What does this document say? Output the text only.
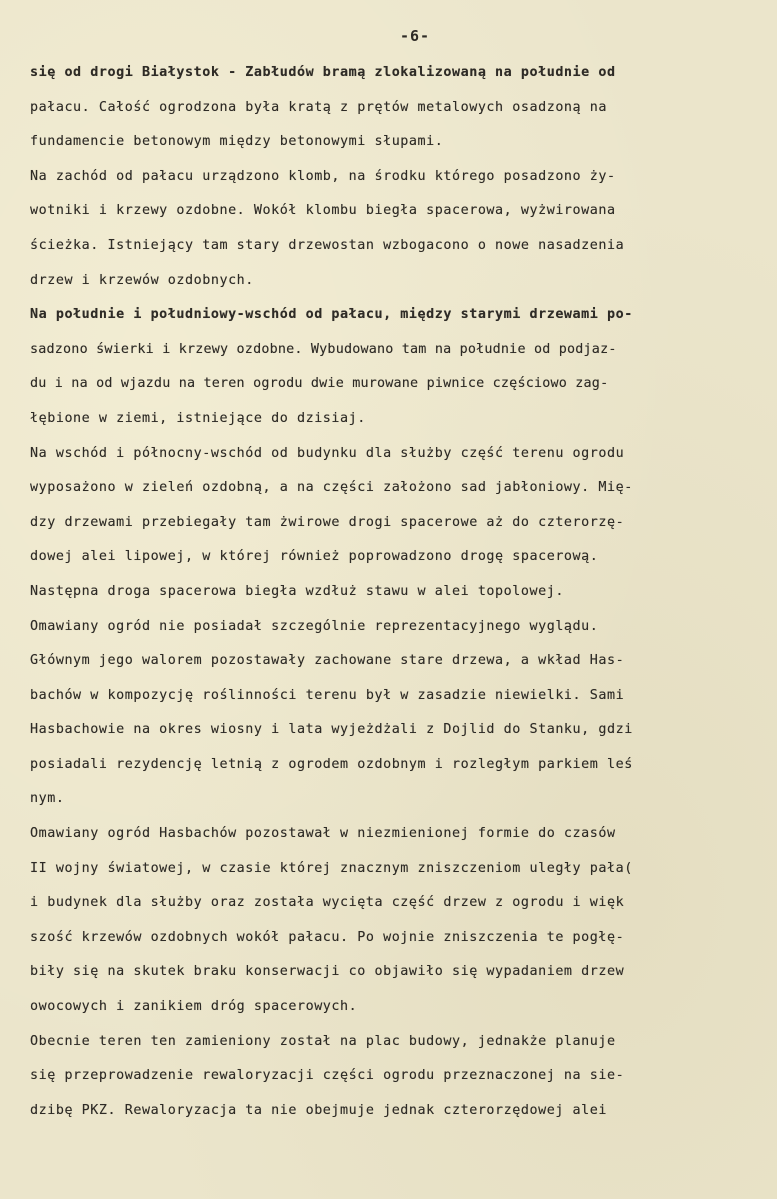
-6-
się od drogi Białystok - Zabłudów bramą zlokalizowaną na południe od
pałacu. Całość ogrodzona była kratą z prętów metalowych osadzoną na
fundamencie betonowym między betonowymi słupami.
Na zachód od pałacu urządzono klomb, na środku którego posadzono ży-
wotniki i krzewy ozdobne. Wokół klombu biegła spacerowa, wyżwirowana
ścieżka. Istniejący tam stary drzewostan wzbogacono o nowe nasadzenia
drzew i krzewów ozdobnych.
Na południe i południowy-wschód od pałacu, między starymi drzewami po-
sadzono świerki i krzewy ozdobne. Wybudowano tam na południe od podjaz-
du i na od wjazdu na teren ogrodu dwie murowane piwnice częściowo zag-
łębione w ziemi, istniejące do dzisiaj.
Na wschód i północny-wschód od budynku dla służby część terenu ogrodu
wyposażono w zieleń ozdobną, a na części założono sad jabłoniowy. Mię-
dzy drzewami przebiegały tam żwirowe drogi spacerowe aż do czterorzę-
dowej alei lipowej, w której również poprowadzono drogę spacerową.
Następna droga spacerowa biegła wzdłuż stawu w alei topolowej.
Omawiany ogród nie posiadał szczególnie reprezentacyjnego wyglądu.
Głównym jego walorem pozostawały zachowane stare drzewa, a wkład Has-
bachów w kompozycję roślinności terenu był w zasadzie niewielki. Sami
Hasbachowie na okres wiosny i lata wyjeżdżali z Dojlid do Stanku, gdzi
posiadali rezydencję letnią z ogrodem ozdobnym i rozległym parkiem leś
nym.
Omawiany ogród Hasbachów pozostawał w niezmienionej formie do czasów
II wojny światowej, w czasie której znacznym zniszczeniom uległy pała(
i budynek dla służby oraz została wycięta część drzew z ogrodu i więk
szość krzewów ozdobnych wokół pałacu. Po wojnie zniszczenia te pogłę-
biły się na skutek braku konserwacji co objawiło się wypadaniem drzew
owocowych i zanikiem dróg spacerowych.
Obecnie teren ten zamieniony został na plac budowy, jednakże planuje
się przeprowadzenie rewaloryzacji części ogrodu przeznaczonej na sie-
dzibę PKZ. Rewaloryzacja ta nie obejmuje jednak czterorzędowej alei
